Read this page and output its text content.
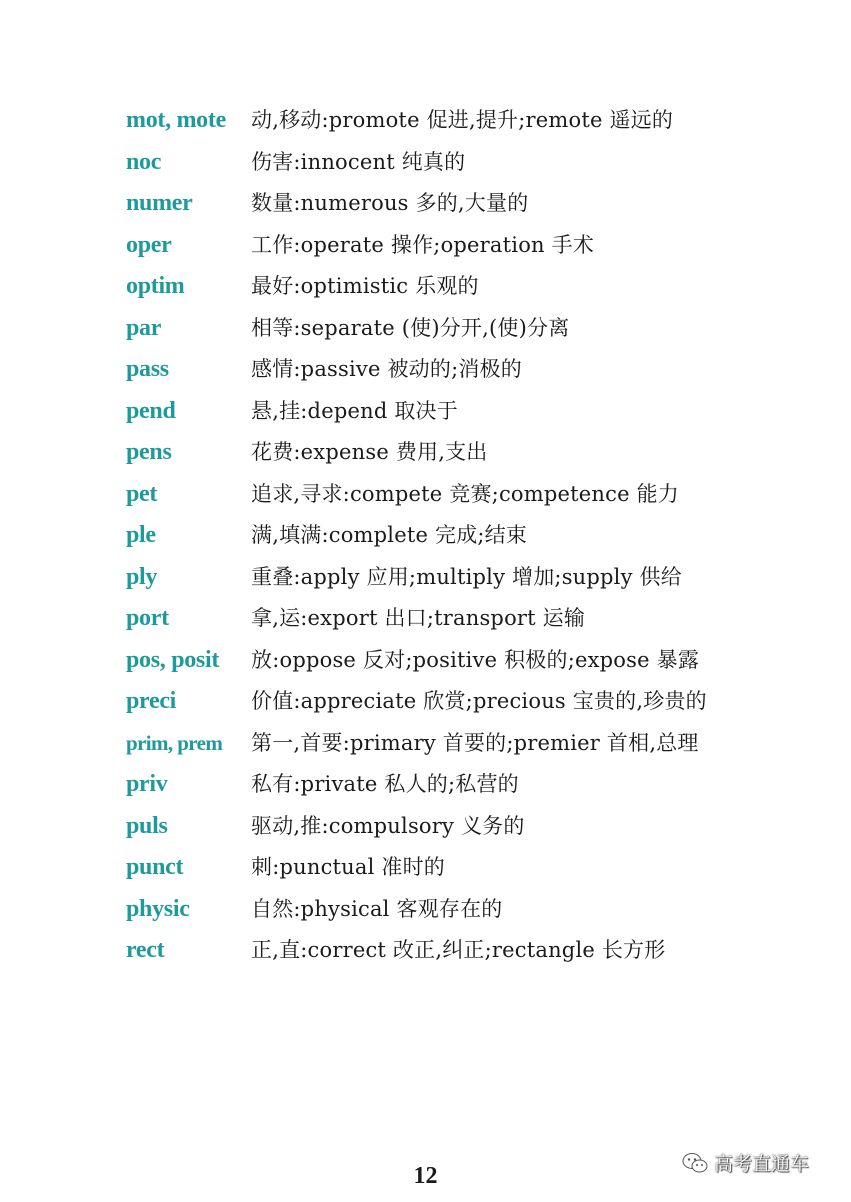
mot, mote	动,移动:promote 促进,提升;remote 遥远的
noc	伤害:innocent 纯真的
numer	数量:numerous 多的,大量的
oper	工作:operate 操作;operation 手术
optim	最好:optimistic 乐观的
par	相等:separate (使)分开,(使)分离
pass	感情:passive 被动的;消极的
pend	悬,挂:depend 取决于
pens	花费:expense 费用,支出
pet	追求,寻求:compete 竞赛;competence 能力
ple	满,填满:complete 完成;结束
ply	重叠:apply 应用;multiply 增加;supply 供给
port	拿,运:export 出口;transport 运输
pos, posit	放:oppose 反对;positive 积极的;expose 暴露
preci	价值:appreciate 欣赏;precious 宝贵的,珍贵的
prim, prem	第一,首要:primary 首要的;premier 首相,总理
priv	私有:private 私人的;私营的
puls	驱动,推:compulsory 义务的
punct	刺:punctual 准时的
physic	自然:physical 客观存在的
rect	正,直:correct 改正,纠正;rectangle 长方形
12	高考直通车
